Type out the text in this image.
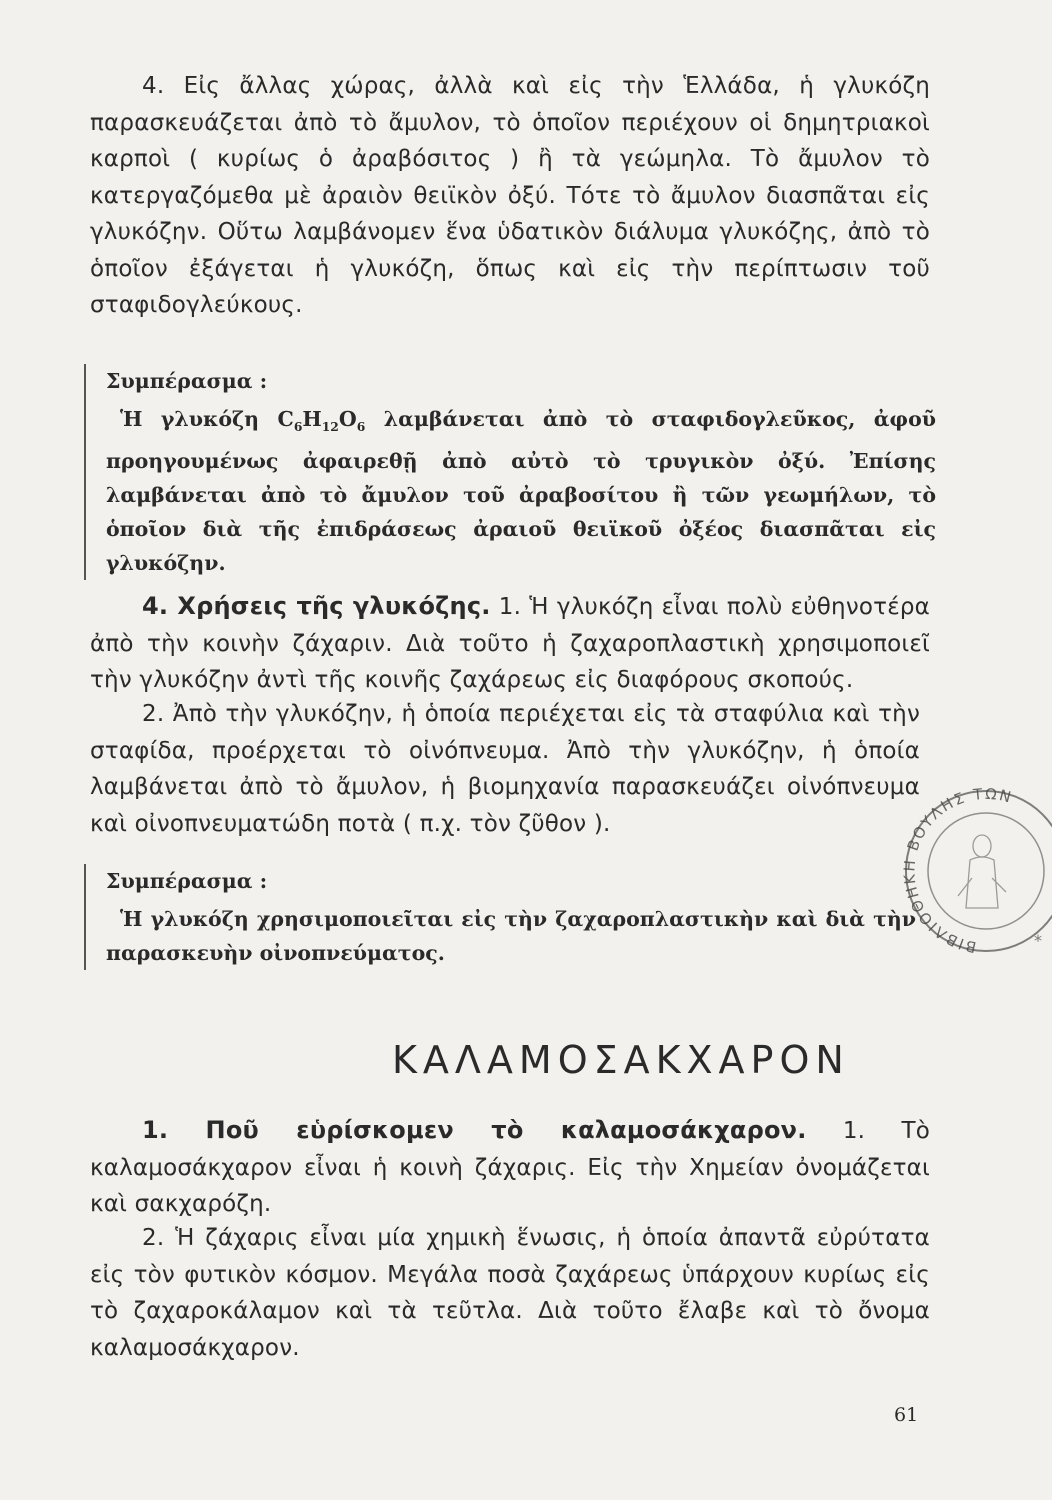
4. Εἰς ἄλλας χώρας, ἀλλὰ καὶ εἰς τὴν Ἑλλάδα, ἡ γλυκόζη παρασκευάζεται ἀπὸ τὸ ἄμυλον, τὸ ὁποῖον περιέχουν οἱ δημητριακοὶ καρποὶ ( κυρίως ὁ ἀραβόσιτος ) ἢ τὰ γεώμηλα. Τὸ ἄμυλον τὸ κατεργαζόμεθα μὲ ἀραιὸν θειϊκὸν ὀξύ. Τότε τὸ ἄμυλον διασπᾶται εἰς γλυκόζην. Οὕτω λαμβάνομεν ἕνα ὑδατικὸν διάλυμα γλυκόζης, ἀπὸ τὸ ὁποῖον ἐξάγεται ἡ γλυκόζη, ὅπως καὶ εἰς τὴν περίπτωσιν τοῦ σταφιδογλεύκους.

Συμπέρασμα :
Ἡ γλυκόζη $C_6H_{12}O_6$ λαμβάνεται ἀπὸ τὸ σταφιδογλεῦκος, ἀφοῦ προηγουμένως ἀφαιρεθῇ ἀπὸ αὐτὸ τὸ τρυγικὸν ὀξύ. Ἐπίσης λαμβάνεται ἀπὸ τὸ ἄμυλον τοῦ ἀραβοσίτου ἢ τῶν γεωμήλων, τὸ ὁποῖον διὰ τῆς ἐπιδράσεως ἀραιοῦ θειϊκοῦ ὀξέος διασπᾶται εἰς γλυκόζην.

4. Χρήσεις τῆς γλυκόζης. 1. Ἡ γλυκόζη εἶναι πολὺ εὐθηνοτέρα ἀπὸ τὴν κοινὴν ζάχαριν. Διὰ τοῦτο ἡ ζαχαροπλαστικὴ χρησιμοποιεῖ τὴν γλυκόζην ἀντὶ τῆς κοινῆς ζαχάρεως εἰς διαφόρους σκοπούς.

2. Ἀπὸ τὴν γλυκόζην, ἡ ὁποία περιέχεται εἰς τὰ σταφύλια καὶ τὴν σταφίδα, προέρχεται τὸ οἰνόπνευμα. Ἀπὸ τὴν γλυκόζην, ἡ ὁποία λαμβάνεται ἀπὸ τὸ ἄμυλον, ἡ βιομηχανία παρασκευάζει οἰνόπνευμα καὶ οἰνοπνευματώδη ποτὰ ( π.χ. τὸν ζῦθον ).

Συμπέρασμα :
Ἡ γλυκόζη χρησιμοποιεῖται εἰς τὴν ζαχαροπλαστικὴν καὶ διὰ τὴν παρασκευὴν οἰνοπνεύματος.
ΚΑΛΑΜΟΣΑΚΧΑΡΟΝ

1. Ποῦ εὑρίσκομεν τὸ καλαμοσάκχαρον. 1. Τὸ καλαμοσάκχαρον εἶναι ἡ κοινὴ ζάχαρις. Εἰς τὴν Χημείαν ὀνομάζεται καὶ σακχαρόζη.

2. Ἡ ζάχαρις εἶναι μία χημικὴ ἕνωσις, ἡ ὁποία ἀπαντᾶ εὐρύτατα εἰς τὸν φυτικὸν κόσμον. Μεγάλα ποσὰ ζαχάρεως ὑπάρχουν κυρίως εἰς τὸ ζαχαροκάλαμον καὶ τὰ τεῦτλα. Διὰ τοῦτο ἔλαβε καὶ τὸ ὄνομα καλαμοσάκχαρον.

ΒΙΒΛΙΟΘΗΚΗ ΒΟΥΛΗΣ ΤΩΝ
*
61
